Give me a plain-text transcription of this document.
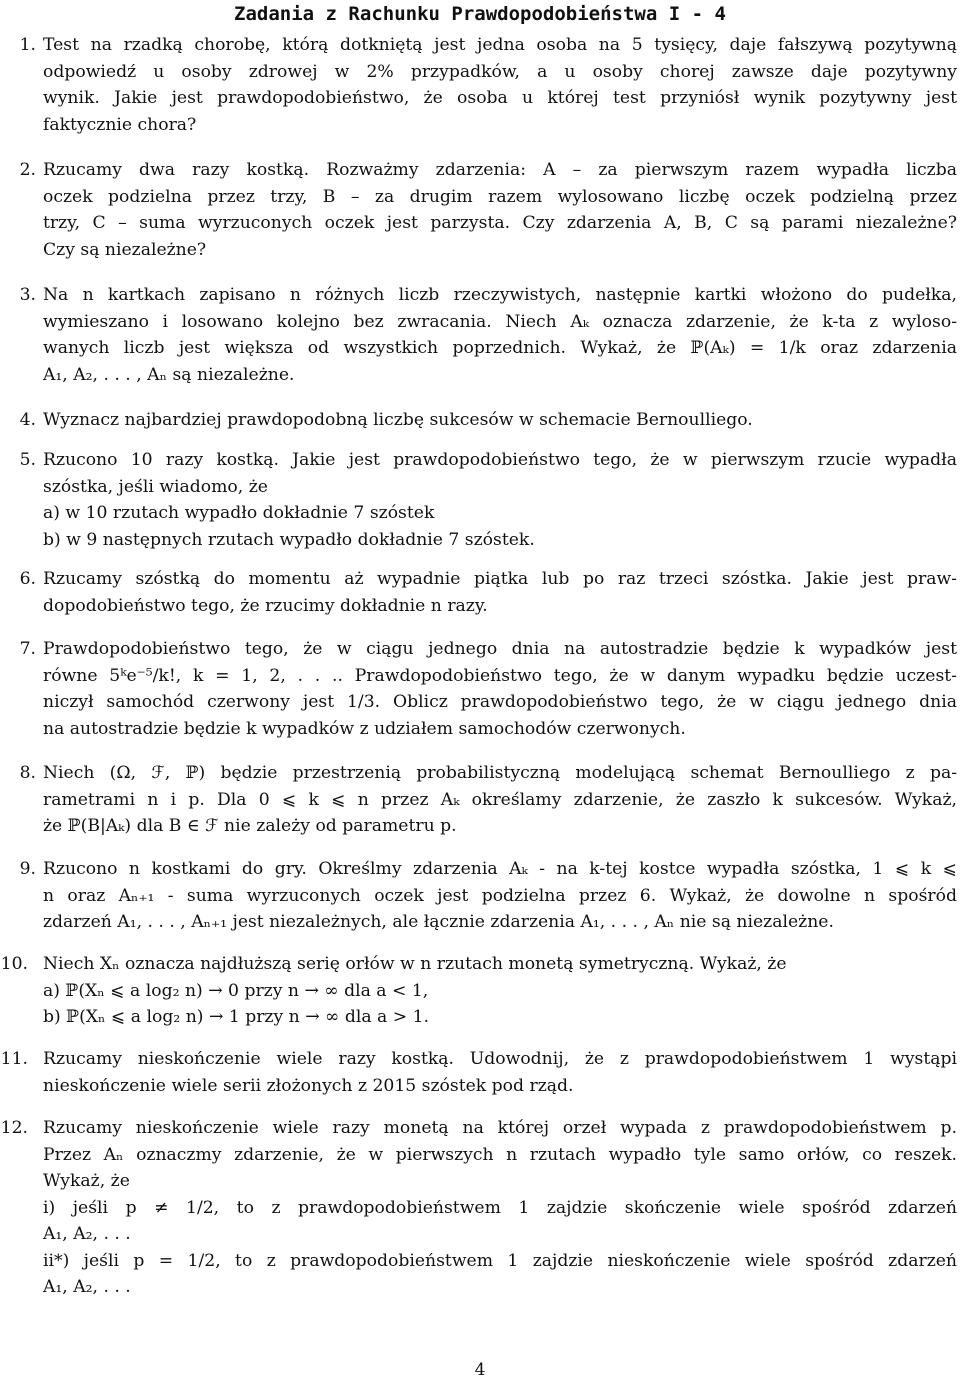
Zadania z Rachunku Prawdopodobieństwa I - 4
1. Test na rzadką chorobę, którą dotkniętą jest jedna osoba na 5 tysięcy, daje fałszywą pozytywną
odpowiedź u osoby zdrowej w 2% przypadków, a u osoby chorej zawsze daje pozytywny
wynik. Jakie jest prawdopodobieństwo, że osoba u której test przyniósł wynik pozytywny jest
faktycznie chora?
2. Rzucamy dwa razy kostką. Rozważmy zdarzenia: A – za pierwszym razem wypadła liczba
oczek podzielna przez trzy, B – za drugim razem wylosowano liczbę oczek podzielną przez
trzy, C – suma wyrzuconych oczek jest parzysta. Czy zdarzenia A, B, C są parami niezależne?
Czy są niezależne?
3. Na n kartkach zapisano n różnych liczb rzeczywistych, następnie kartki włożono do pudełka,
wymieszano i losowano kolejno bez zwracania. Niech Aₖ oznacza zdarzenie, że k-ta z wyloso-
wanych liczb jest większa od wszystkich poprzednich. Wykaż, że ℙ(Aₖ) = 1/k oraz zdarzenia
A₁, A₂, . . . , Aₙ są niezależne.
4. Wyznacz najbardziej prawdopodobną liczbę sukcesów w schemacie Bernoulliego.
5. Rzucono 10 razy kostką. Jakie jest prawdopodobieństwo tego, że w pierwszym rzucie wypadła
szóstka, jeśli wiadomo, że
a) w 10 rzutach wypadło dokładnie 7 szóstek
b) w 9 następnych rzutach wypadło dokładnie 7 szóstek.
6. Rzucamy szóstką do momentu aż wypadnie piątka lub po raz trzeci szóstka. Jakie jest praw-
dopodobieństwo tego, że rzucimy dokładnie n razy.
7. Prawdopodobieństwo tego, że w ciągu jednego dnia na autostradzie będzie k wypadków jest
równe 5ᵏe⁻⁵/k!, k = 1, 2, . . .. Prawdopodobieństwo tego, że w danym wypadku będzie uczest-
niczył samochód czerwony jest 1/3. Oblicz prawdopodobieństwo tego, że w ciągu jednego dnia
na autostradzie będzie k wypadków z udziałem samochodów czerwonych.
8. Niech (Ω, ℱ, ℙ) będzie przestrzenią probabilistyczną modelującą schemat Bernoulliego z pa-
rametrami n i p. Dla 0 ⩽ k ⩽ n przez Aₖ określamy zdarzenie, że zaszło k sukcesów. Wykaż,
że ℙ(B|Aₖ) dla B ∈ ℱ nie zależy od parametru p.
9. Rzucono n kostkami do gry. Określmy zdarzenia Aₖ - na k-tej kostce wypadła szóstka, 1 ⩽ k ⩽
n oraz Aₙ₊₁ - suma wyrzuconych oczek jest podzielna przez 6. Wykaż, że dowolne n spośród
zdarzeń A₁, . . . , Aₙ₊₁ jest niezależnych, ale łącznie zdarzenia A₁, . . . , Aₙ nie są niezależne.
10. Niech Xₙ oznacza najdłuższą serię orłów w n rzutach monetą symetryczną. Wykaż, że
a) ℙ(Xₙ ⩽ a log₂ n) → 0 przy n → ∞ dla a < 1,
b) ℙ(Xₙ ⩽ a log₂ n) → 1 przy n → ∞ dla a > 1.
11. Rzucamy nieskończenie wiele razy kostką. Udowodnij, że z prawdopodobieństwem 1 wystąpi
nieskończenie wiele serii złożonych z 2015 szóstek pod rząd.
12. Rzucamy nieskończenie wiele razy monetą na której orzeł wypada z prawdopodobieństwem p.
Przez Aₙ oznaczmy zdarzenie, że w pierwszych n rzutach wypadło tyle samo orłów, co reszek.
Wykaż, że
i) jeśli p ≠ 1/2, to z prawdopodobieństwem 1 zajdzie skończenie wiele spośród zdarzeń
A₁, A₂, . . .
ii*) jeśli p = 1/2, to z prawdopodobieństwem 1 zajdzie nieskończenie wiele spośród zdarzeń
A₁, A₂, . . .
4
